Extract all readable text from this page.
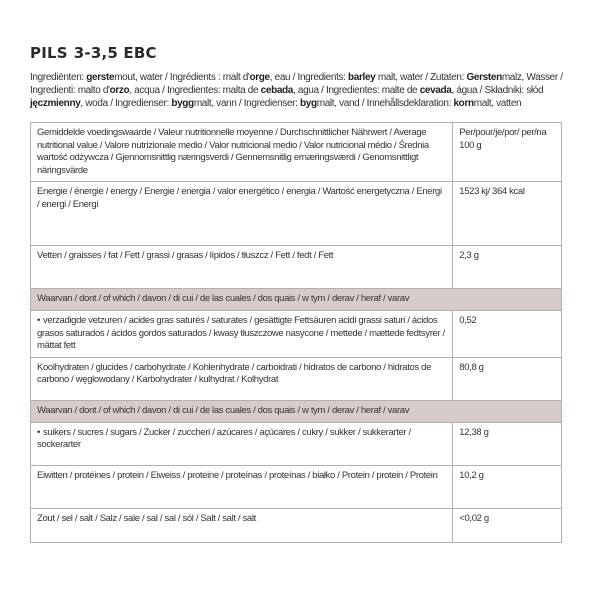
PILS 3-3,5 EBC
Ingrediënten: gerstemout, water / Ingrédients : malt d'orge, eau / Ingredients: barley malt, water / Zutaten: Gerstenmalz, Wasser / Ingredienti: malto d'orzo, acqua / Ingredientes: malta de cebada, agua / Ingredientes: malte de cevada, água / Składniki: słód jęczmienny, woda / Ingredienser: byggmalt, vann / Ingredienser: bygmalt, vand / Innehållsdeklaration: kornmalt, vatten
Gemiddelde voedingswaarde / Valeur nutritionnelle moyenne / Durchschnittlicher Nährwert / Average nutritional value / Valore nutrizionale medio / Valor nutricional medio / Valor nutricional médio / Średnia wartość odżywcza / Gjennomsnittlig næringsverdi / Gennemsnitlig ernæringsværdi / Genomsnittligt näringsvärde	Per/pour/je/por/ per/na 100 g
Energie / énergie / energy / Energie / energia / valor energético / energia / Wartość energetyczna / Energi / energi / Energi	1523 kj/ 364 kcal
Vetten / graisses / fat / Fett / grassi / grasas / lípidos / tłuszcz / Fett / fedt / Fett	2,3 g
Waarvan / dont / of which / davon / di cui / de las cuales / dos quais / w tym / derav / heraf / varav	
• verzadigde vetzuren / acides gras saturés / saturates / gesättigte Fettsäuren acidi grassi saturi / ácidos grasos saturados / ácidos gordos saturados / kwasy tłuszczowe nasycone / mettede / mættede fedtsyrer / mättat fett	0,52
Koolhydraten / glucides / carbohydrate / Kohlenhydrate / carboidrati / hidratos de carbono / hidratos de carbono / węglowodany / Karbohydrater / kulhydrat / Kolhydrat	80,8 g
Waarvan / dont / of which / davon / di cui / de las cuales / dos quais / w tym / derav / heraf / varav	
• suikers / sucres / sugars / Zucker / zuccheri / azúcares / açúcares / cukry / sukker / sukkerarter / sockerarter	12,38 g
Eiwitten / protéines / protein / Eiweiss / proteine / proteínas / proteínas / białko / Protein / protein / Protein	10,2 g
Zout / sel / salt / Salz / sale / sal / sal / sól / Salt / salt / salt	<0,02 g
